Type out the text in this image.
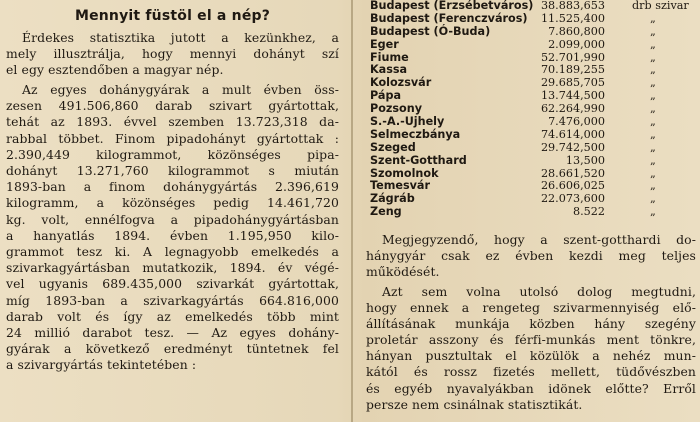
Mennyit füstöl el a nép?
Érdekes statisztika jutott a kezünkhez, a
mely illusztrálja, hogy mennyi dohányt szí
el egy esztendőben a magyar nép.
Az egyes dohánygyárak a mult évben öss-
zesen 491.506,860 darab szivart gyártottak,
tehát az 1893. évvel szemben 13.723,318 da-
rabbal többet. Finom pipadohányt gyártottak :
2.390,449 kilogrammot, közönséges pipa-
dohányt 13.271,760 kilogrammot s miután
1893-ban a finom dohánygyártás 2.396,619
kilogramm, a közönséges pedig 14.461,720
kg. volt, ennélfogva a pipadohánygyártásban
a hanyatlás 1894. évben 1.195,950 kilo-
grammot tesz ki. A legnagyobb emelkedés a
szivarkagyártásban mutatkozik, 1894. év végé-
vel ugyanis 689.435,000 szivarkát gyártottak,
míg 1893-ban a szivarkagyártás 664.816,000
darab volt és így az emelkedés több mint
24 millió darabot tesz. — Az egyes dohány-
gyárak a következő eredményt tüntetnek fel
a szivargyártás tekintetében :
Budapest (Erzsébetváros) 38.883,653 drb szivar
Budapest (Ferenczváros) 11.525,400	„
Budapest (Ó-Buda)	7.860,800	„
Eger	2.099,000	„
Fiume	52.701,990	„
Kassa	70.189,255	„
Kolozsvár	29.685,705	„
Pápa	13.744,500	„
Pozsony	62.264,990	„
S.-A.-Ujhely	7.476,000	„
Selmeczbánya	74.614,000	„
Szeged	29.742,500	„
Szent-Gotthard	13,500	„
Szomolnok	28.661,520	„
Temesvár	26.606,025	„
Zágráb	22.073,600	„
Zeng	8.522	„
Megjegyzendő, hogy a szent-gotthardi do-
hánygyár csak ez évben kezdi meg teljes
működését.
Azt sem volna utolsó dolog megtudni,
hogy ennek a rengeteg szivarmennyiség elő-
állításának munkája közben hány szegény
proletár asszony és férfi-munkás ment tönkre,
hányan pusztultak el közülök a nehéz mun-
kától és rossz fizetés mellett, tüdővészben
és egyéb nyavalyákban idönek előtte? Erről
persze nem csinálnak statisztikát.
